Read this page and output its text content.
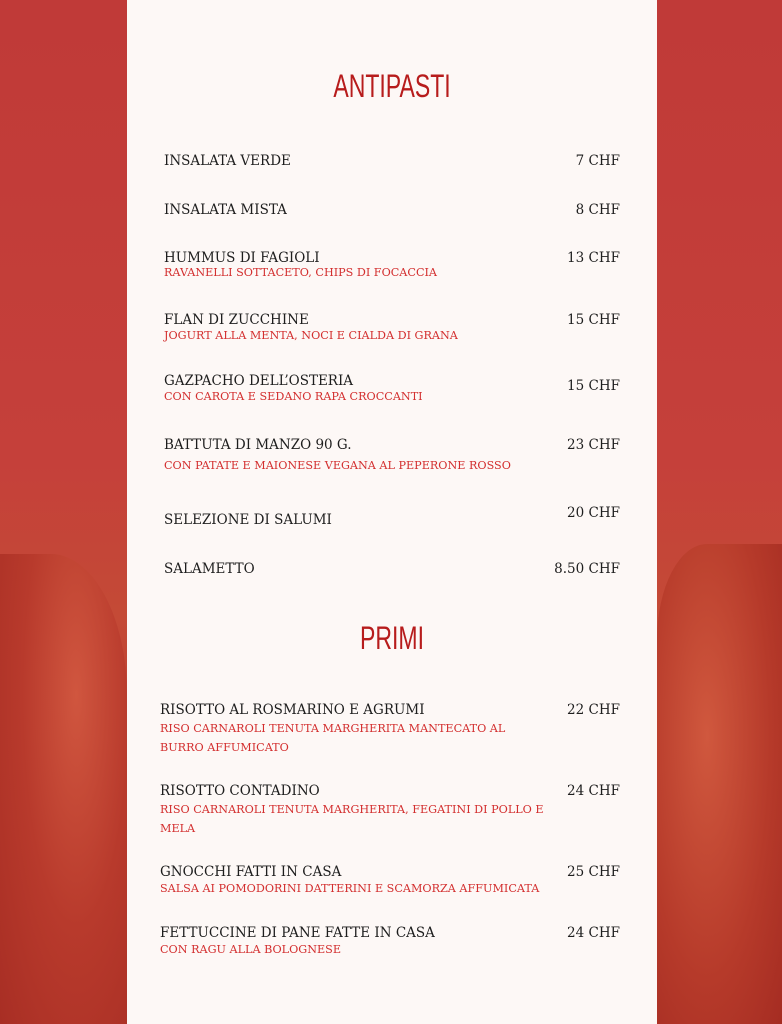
ANTIPASTI
INSALATA VERDE	7 CHF
INSALATA MISTA	8 CHF
HUMMUS DI FAGIOLI
RAVANELLI SOTTACETO, CHIPS DI FOCACCIA
13 CHF
FLAN DI ZUCCHINE
JOGURT ALLA MENTA, NOCI E CIALDA DI GRANA
15 CHF
GAZPACHO DELL’OSTERIA
CON CAROTA E SEDANO RAPA CROCCANTI
15 CHF
BATTUTA DI MANZO 90 G.
CON PATATE E MAIONESE VEGANA AL PEPERONE ROSSO
23 CHF
SELEZIONE DI SALUMI	20 CHF
SALAMETTO	8.50 CHF
PRIMI
RISOTTO AL ROSMARINO E AGRUMI
RISO CARNAROLI TENUTA MARGHERITA MANTECATO AL
BURRO AFFUMICATO
22 CHF
RISOTTO CONTADINO
RISO CARNAROLI TENUTA MARGHERITA, FEGATINI DI POLLO E
MELA
24 CHF
GNOCCHI FATTI IN CASA
SALSA AI POMODORINI DATTERINI E SCAMORZA AFFUMICATA
25 CHF
FETTUCCINE DI PANE FATTE IN CASA
CON RAGU ALLA BOLOGNESE
24 CHF
